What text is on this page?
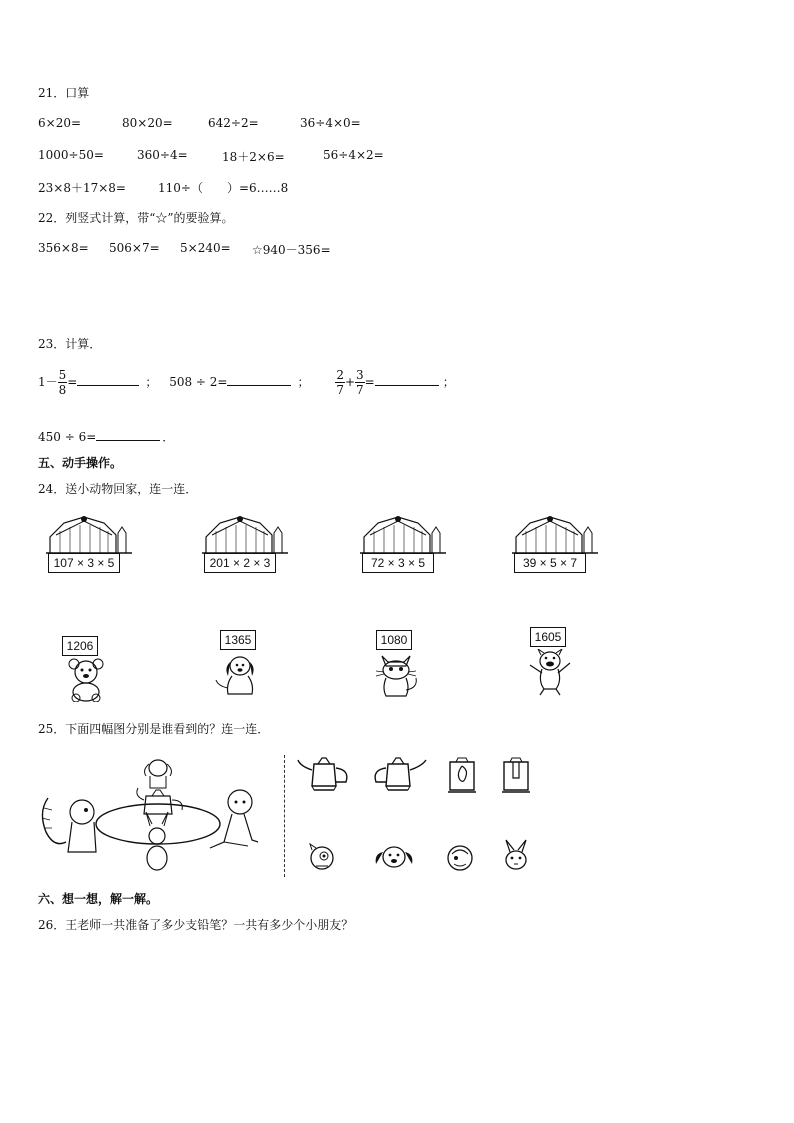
21．口算
6×20=	80×20=	642÷2=	36÷4×0=
1000÷50=	360÷4=	18＋2×6=	56÷4×2=
23×8＋17×8=	110÷（　　）=6……8
22．列竖式计算，带“☆”的要验算。
356×8= 506×7= 5×240= ☆940－356=
23．计算．
$1- \frac{5}{8}$ =	； 508 ÷ 2=	； $\frac{2}{7} + \frac{3}{7}$ =	；
450 ÷ 6=	．
五、动手操作。
24．送小动物回家，连一连．
107 × 3 × 5	201 × 2 × 3	72 × 3 × 5	39 × 5 × 7
1206	1365	1080	1605
25．下面四幅图分别是谁看到的？连一连．
六、想一想，解一解。
26．王老师一共准备了多少支铅笔？一共有多少个小朋友？
